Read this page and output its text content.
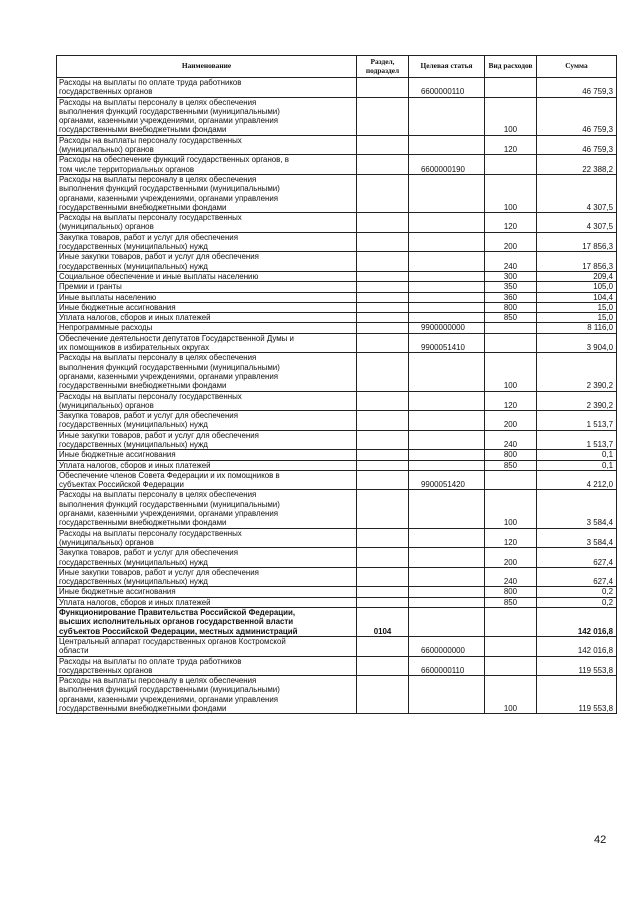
Наименование	Раздел, подраздел	Целевая статья	Вид расходов	Сумма

Расходы на выплаты по оплате труда работников
государственных органов		6600000110		46 759,3

Расходы на выплаты персоналу в целях обеспечения
выполнения функций государственными (муниципальными)
органами, казенными учреждениями, органами управления
государственными внебюджетными фондами			100	46 759,3

Расходы на выплаты персоналу государственных
(муниципальных) органов			120	46 759,3

Расходы на обеспечение функций государственных органов, в
том числе территориальных органов		6600000190		22 388,2

Расходы на выплаты персоналу в целях обеспечения
выполнения функций государственными (муниципальными)
органами, казенными учреждениями, органами управления
государственными внебюджетными фондами			100	4 307,5

Расходы на выплаты персоналу государственных
(муниципальных) органов			120	4 307,5

Закупка товаров, работ и услуг для обеспечения
государственных (муниципальных) нужд			200	17 856,3

Иные закупки товаров, работ и услуг для обеспечения
государственных (муниципальных) нужд			240	17 856,3

Социальное обеспечение и иные выплаты населению			300	209,4

Премии и гранты			350	105,0

Иные выплаты населению			360	104,4

Иные бюджетные ассигнования			800	15,0

Уплата налогов, сборов и иных платежей			850	15,0

Непрограммные расходы		9900000000		8 116,0

Обеспечение деятельности депутатов Государственной Думы и
их помощников в избирательных округах		9900051410		3 904,0

Расходы на выплаты персоналу в целях обеспечения
выполнения функций государственными (муниципальными)
органами, казенными учреждениями, органами управления
государственными внебюджетными фондами			100	2 390,2

Расходы на выплаты персоналу государственных
(муниципальных) органов			120	2 390,2

Закупка товаров, работ и услуг для обеспечения
государственных (муниципальных) нужд			200	1 513,7

Иные закупки товаров, работ и услуг для обеспечения
государственных (муниципальных) нужд			240	1 513,7

Иные бюджетные ассигнования			800	0,1

Уплата налогов, сборов и иных платежей			850	0,1

Обеспечение членов Совета Федерации и их помощников в
субъектах Российской Федерации		9900051420		4 212,0

Расходы на выплаты персоналу в целях обеспечения
выполнения функций государственными (муниципальными)
органами, казенными учреждениями, органами управления
государственными внебюджетными фондами			100	3 584,4

Расходы на выплаты персоналу государственных
(муниципальных) органов			120	3 584,4

Закупка товаров, работ и услуг для обеспечения
государственных (муниципальных) нужд			200	627,4

Иные закупки товаров, работ и услуг для обеспечения
государственных (муниципальных) нужд			240	627,4

Иные бюджетные ассигнования			800	0,2

Уплата налогов, сборов и иных платежей			850	0,2

Функционирование Правительства Российской Федерации,
высших исполнительных органов государственной власти
субъектов Российской Федерации, местных администраций	0104			142 016,8

Центральный аппарат государственных органов Костромской
области		6600000000		142 016,8

Расходы на выплаты по оплате труда работников
государственных органов		6600000110		119 553,8

Расходы на выплаты персоналу в целях обеспечения
выполнения функций государственными (муниципальными)
органами, казенными учреждениями, органами управления
государственными внебюджетными фондами			100	119 553,8
42
